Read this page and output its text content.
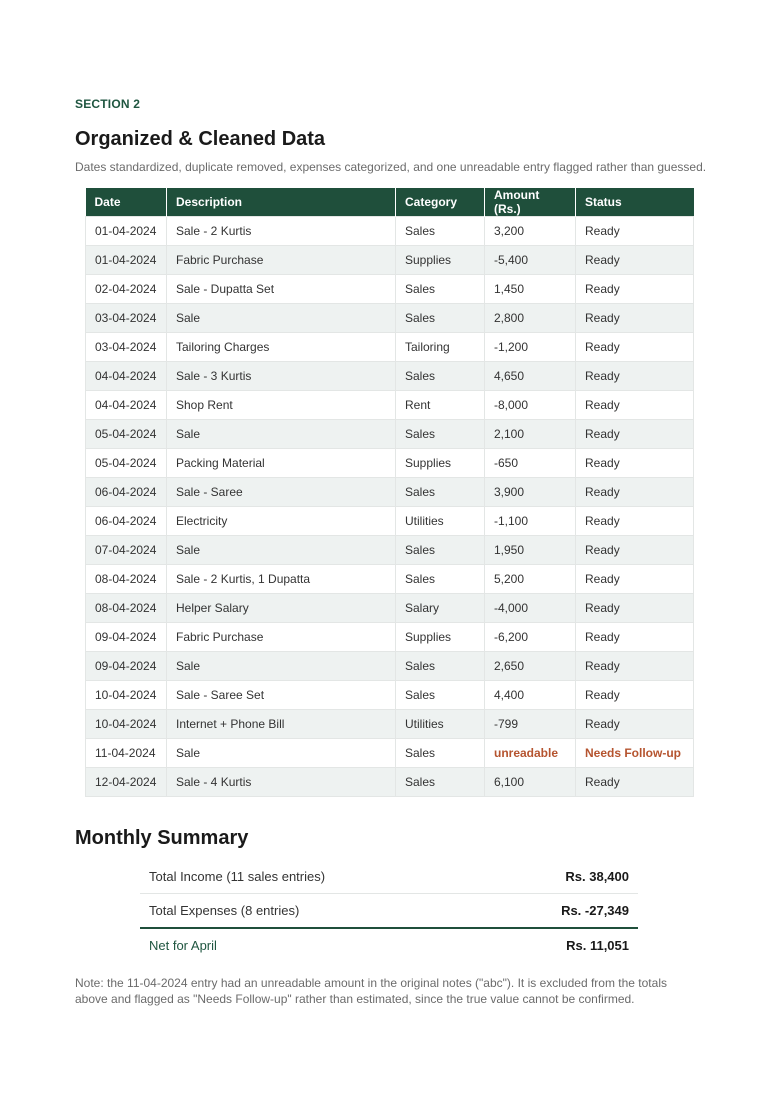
SECTION 2
Organized & Cleaned Data

Dates standardized, duplicate removed, expenses categorized, and one unreadable entry flagged rather than guessed.

Date	Description	Category	Amount (Rs.)	Status
01-04-2024	Sale - 2 Kurtis	Sales	3,200	Ready
01-04-2024	Fabric Purchase	Supplies	-5,400	Ready
02-04-2024	Sale - Dupatta Set	Sales	1,450	Ready
03-04-2024	Sale	Sales	2,800	Ready
03-04-2024	Tailoring Charges	Tailoring	-1,200	Ready
04-04-2024	Sale - 3 Kurtis	Sales	4,650	Ready
04-04-2024	Shop Rent	Rent	-8,000	Ready
05-04-2024	Sale	Sales	2,100	Ready
05-04-2024	Packing Material	Supplies	-650	Ready
06-04-2024	Sale - Saree	Sales	3,900	Ready
06-04-2024	Electricity	Utilities	-1,100	Ready
07-04-2024	Sale	Sales	1,950	Ready
08-04-2024	Sale - 2 Kurtis, 1 Dupatta	Sales	5,200	Ready
08-04-2024	Helper Salary	Salary	-4,000	Ready
09-04-2024	Fabric Purchase	Supplies	-6,200	Ready
09-04-2024	Sale	Sales	2,650	Ready
10-04-2024	Sale - Saree Set	Sales	4,400	Ready
10-04-2024	Internet + Phone Bill	Utilities	-799	Ready
11-04-2024	Sale	Sales	unreadable	Needs Follow-up
12-04-2024	Sale - 4 Kurtis	Sales	6,100	Ready
Monthly Summary
Total Income (11 sales entries)	Rs. 38,400
Total Expenses (8 entries)	Rs. -27,349
Net for April	Rs. 11,051

Note: the 11-04-2024 entry had an unreadable amount in the original notes ("abc"). It is excluded from the totals above and flagged as "Needs Follow-up" rather than estimated, since the true value cannot be confirmed.
